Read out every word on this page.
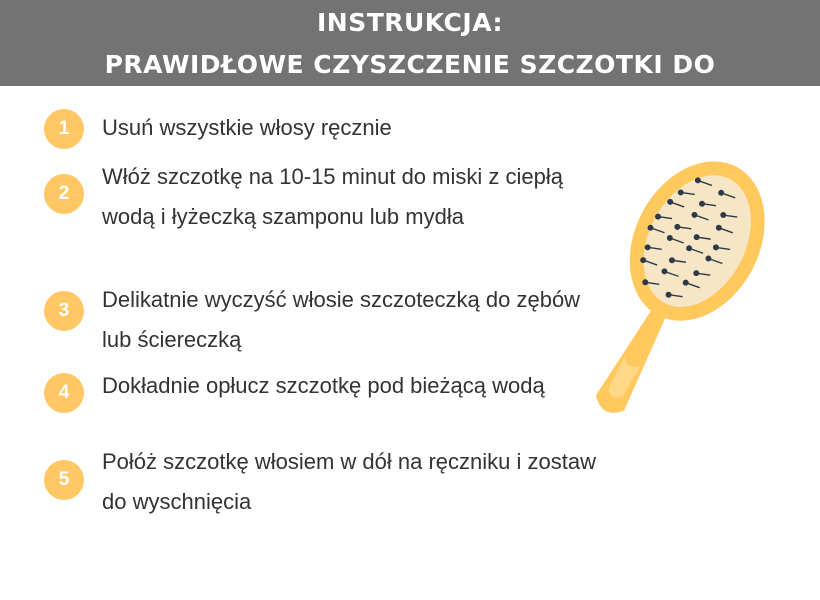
INSTRUKCJA:
PRAWIDŁOWE CZYSZCZENIE SZCZOTKI DO
1	Usuń wszystkie włosy ręcznie
2
Włóż szczotkę na 10-15 minut do miski z ciepłą wodą i łyżeczką szamponu lub mydła
3	Delikatnie wyczyść włosie szczoteczką do zębów lub ściereczką
4	Dokładnie opłucz szczotkę pod bieżącą wodą
5
Połóż szczotkę włosiem w dół na ręczniku i zostaw do wyschnięcia
